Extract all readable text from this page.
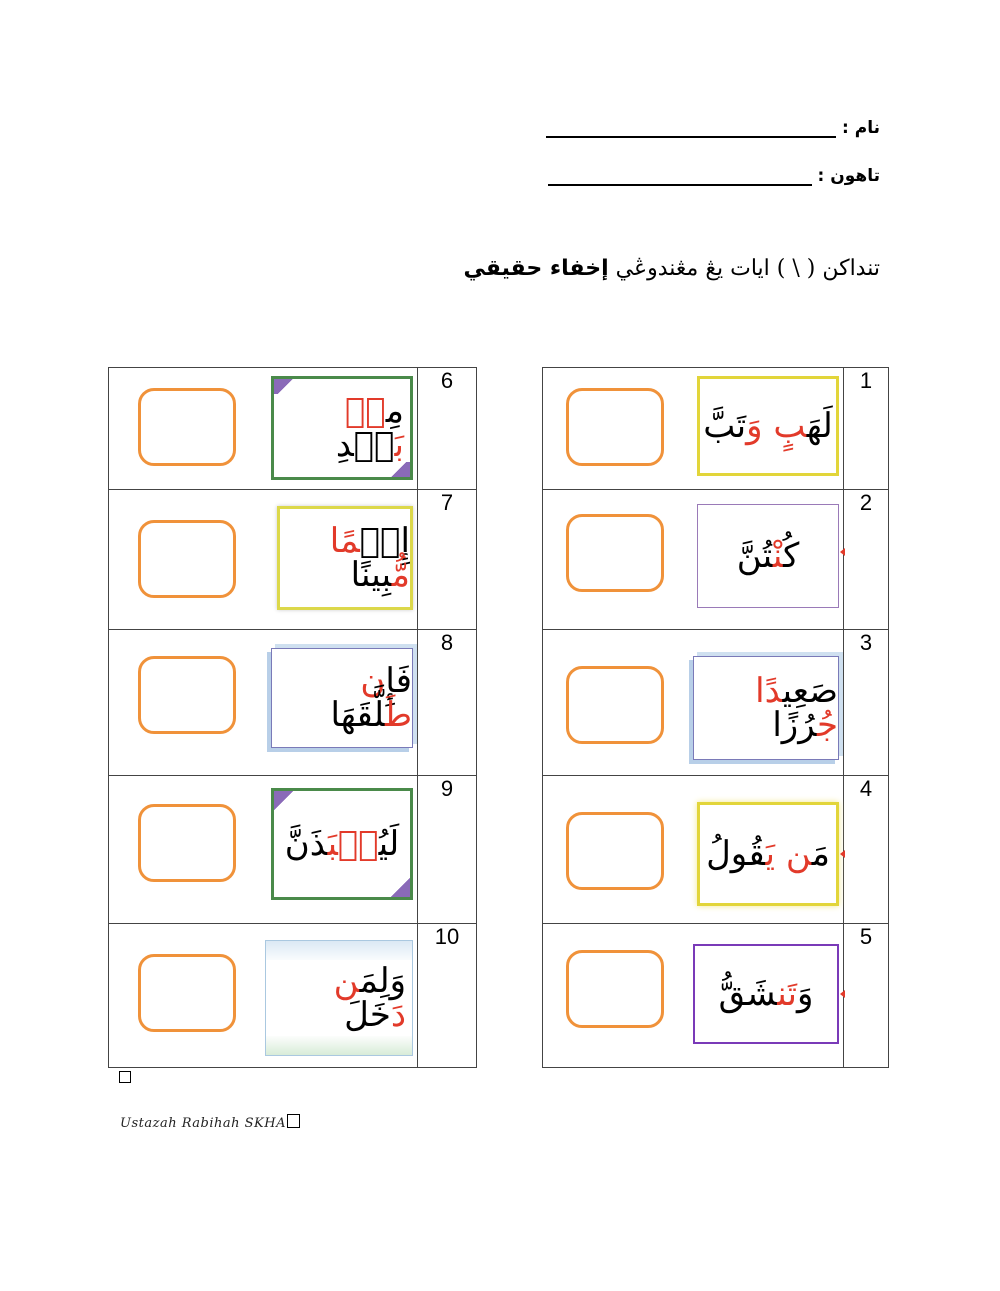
نام :
تاهون :
تنداكن ( \ ) ايات يڠ مڠندوڠي إخفاء حقيقي
لَهَبٍ وَتَبَّ	1

كُنْتُنَّ	2

صَعِيدًا جُرُزًا	3

مَن يَقُولُ	4

وَتَنشَقُّ	5
مِنۢ بَعۡدِ	6

إِثۡمًا مُّبِينًا	7

فَإِن طَلَّقَهَا	8

لَيُنۢبَذَنَّ	9

وَلِمَن دَخَلَ	10
Ustazah Rabihah SKHA
